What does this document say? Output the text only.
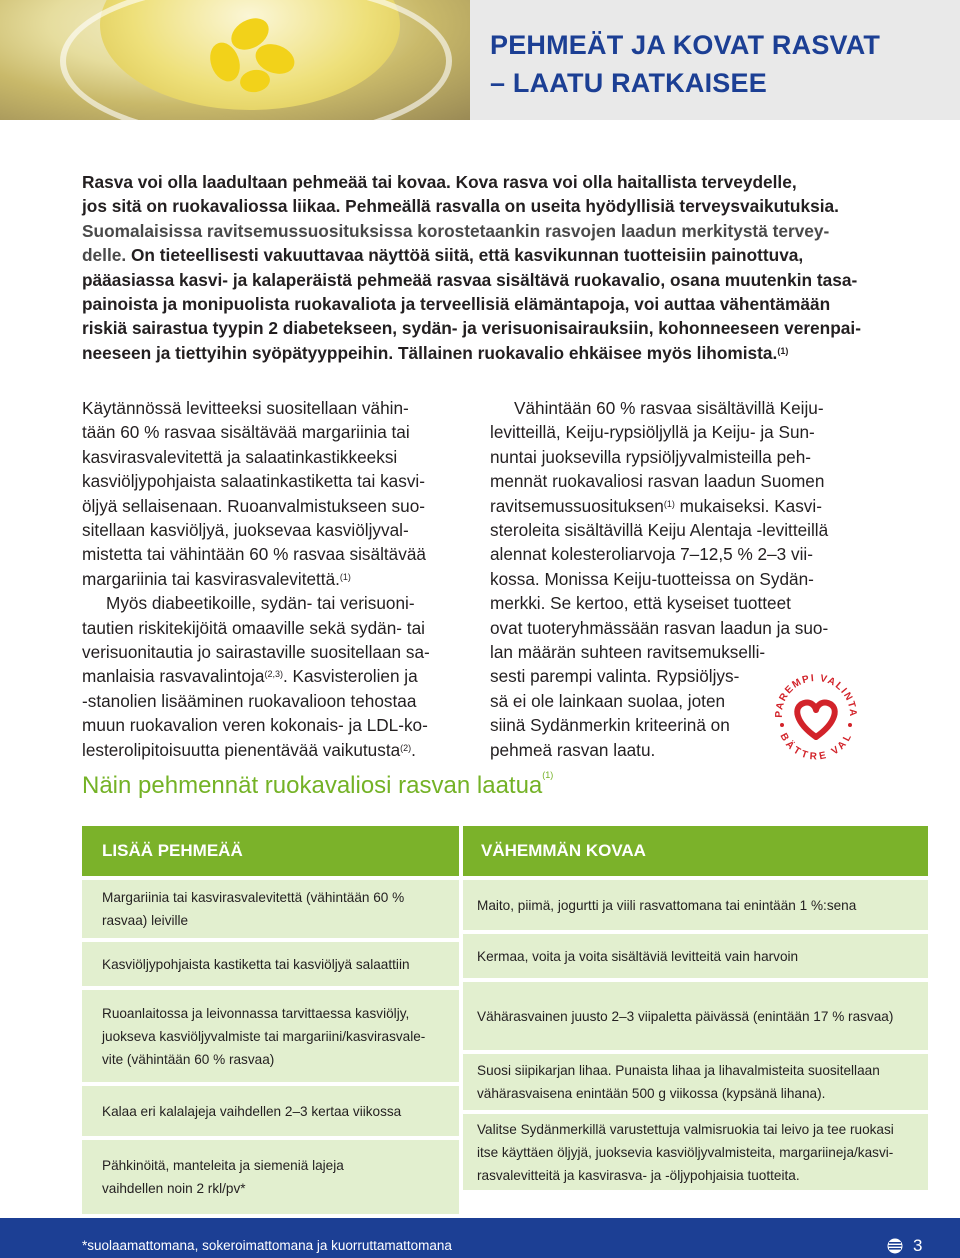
PEHMEÄT JA KOVAT RASVAT
– LAATU RATKAISEE
Rasva voi olla laadultaan pehmeää tai kovaa. Kova rasva voi olla haitallista terveydelle,
jos sitä on ruokavaliossa liikaa. Pehmeällä rasvalla on useita hyödyllisiä terveysvaikutuksia.
Suomalaisissa ravitsemussuosituksissa korostetaankin rasvojen laadun merkitystä tervey-
delle. On tieteellisesti vakuuttavaa näyttöä siitä, että kasvikunnan tuotteisiin painottuva,
pääasiassa kasvi- ja kalaperäistä pehmeää rasvaa sisältävä ruokavalio, osana muutenkin tasa-
painoista ja monipuolista ruokavaliota ja terveellisiä elämäntapoja, voi auttaa vähentämään
riskiä sairastua tyypin 2 diabetekseen, sydän- ja verisuonisairauksiin, kohonneeseen verenpai-
neeseen ja tiettyihin syöpätyyppeihin. Tällainen ruokavalio ehkäisee myös lihomista.$^{(1)}$

Käytännössä levitteeksi suositellaan vähin-

tään 60 % rasvaa sisältävää margariinia tai

kasvirasvalevitettä ja salaatinkastikkeeksi

kasviöljypohjaista salaatinkastiketta tai kasvi-

öljyä sellaisenaan. Ruoanvalmistukseen suo-

sitellaan kasviöljyä, juoksevaa kasviöljyval-

mistetta tai vähintään 60 % rasvaa sisältävää

margariinia tai kasvirasvalevitettä.$^{(1)}$

Myös diabeetikoille, sydän- tai verisuoni-

tautien riskitekijöitä omaaville sekä sydän- tai

verisuonitautia jo sairastaville suositellaan sa-

manlaisia rasvavalintoja$^{(2,3)}$. Kasvisterolien ja

-stanolien lisääminen ruokavalioon tehostaa

muun ruokavalion veren kokonais- ja LDL-ko-

lesterolipitoisuutta pienentävää vaikutusta$^{(2)}$.

Vähintään 60 % rasvaa sisältävillä Keiju-

levitteillä, Keiju-rypsiöljyllä ja Keiju- ja Sun-

nuntai juoksevilla rypsiöljyvalmisteilla peh-

mennät ruokavaliosi rasvan laadun Suomen

ravitsemussuosituksen$^{(1)}$ mukaiseksi. Kasvi-

steroleita sisältävillä Keiju Alentaja -levitteillä

alennat kolesteroliarvoja 7–12,5 % 2–3 vii-

kossa. Monissa Keiju-tuotteissa on Sydän-

merkki. Se kertoo, että kyseiset tuotteet

ovat tuoteryhmässään rasvan laadun ja suo-

lan määrän suhteen ravitsemukselli-

sesti parempi valinta. Rypsiöljys-

sä ei ole lainkaan suolaa, joten

siinä Sydänmerkin kriteerinä on

pehmeä rasvan laatu.

PAREMPI VALINTA
BÄTTRE VAL
Näin pehmennät ruokavaliosi rasvan laatua$^{(1)}$
LISÄÄ PEHMEÄÄ	VÄHEMMÄN KOVAA
Margariinia tai kasvirasvalevitettä (vähintään 60 %
rasvaa) leiville
Kasviöljypohjaista kastiketta tai kasviöljyä salaattiin
Ruoanlaitossa ja leivonnassa tarvittaessa kasviöljy,
juokseva kasviöljyvalmiste tai margariini/kasvirasvale-
vite (vähintään 60 % rasvaa)
Kalaa eri kalalajeja vaihdellen 2–3 kertaa viikossa
Pähkinöitä, manteleita ja siemeniä lajeja
vaihdellen noin 2 rkl/pv*
Maito, piimä, jogurtti ja viili rasvattomana tai enintään 1 %:sena
Kermaa, voita ja voita sisältäviä levitteitä vain harvoin
Vähärasvainen juusto 2–3 viipaletta päivässä (enintään 17 % rasvaa)
Suosi siipikarjan lihaa. Punaista lihaa ja lihavalmisteita suositellaan
vähärasvaisena enintään 500 g viikossa (kypsänä lihana).
Valitse Sydänmerkillä varustettuja valmisruokia tai leivo ja tee ruokasi
itse käyttäen öljyjä, juoksevia kasviöljyvalmisteita, margariineja/kasvi-
rasvalevitteitä ja kasvirasva- ja -öljypohjaisia tuotteita.

*suolaamattomana, sokeroimattomana ja kuorruttamattomana	3
